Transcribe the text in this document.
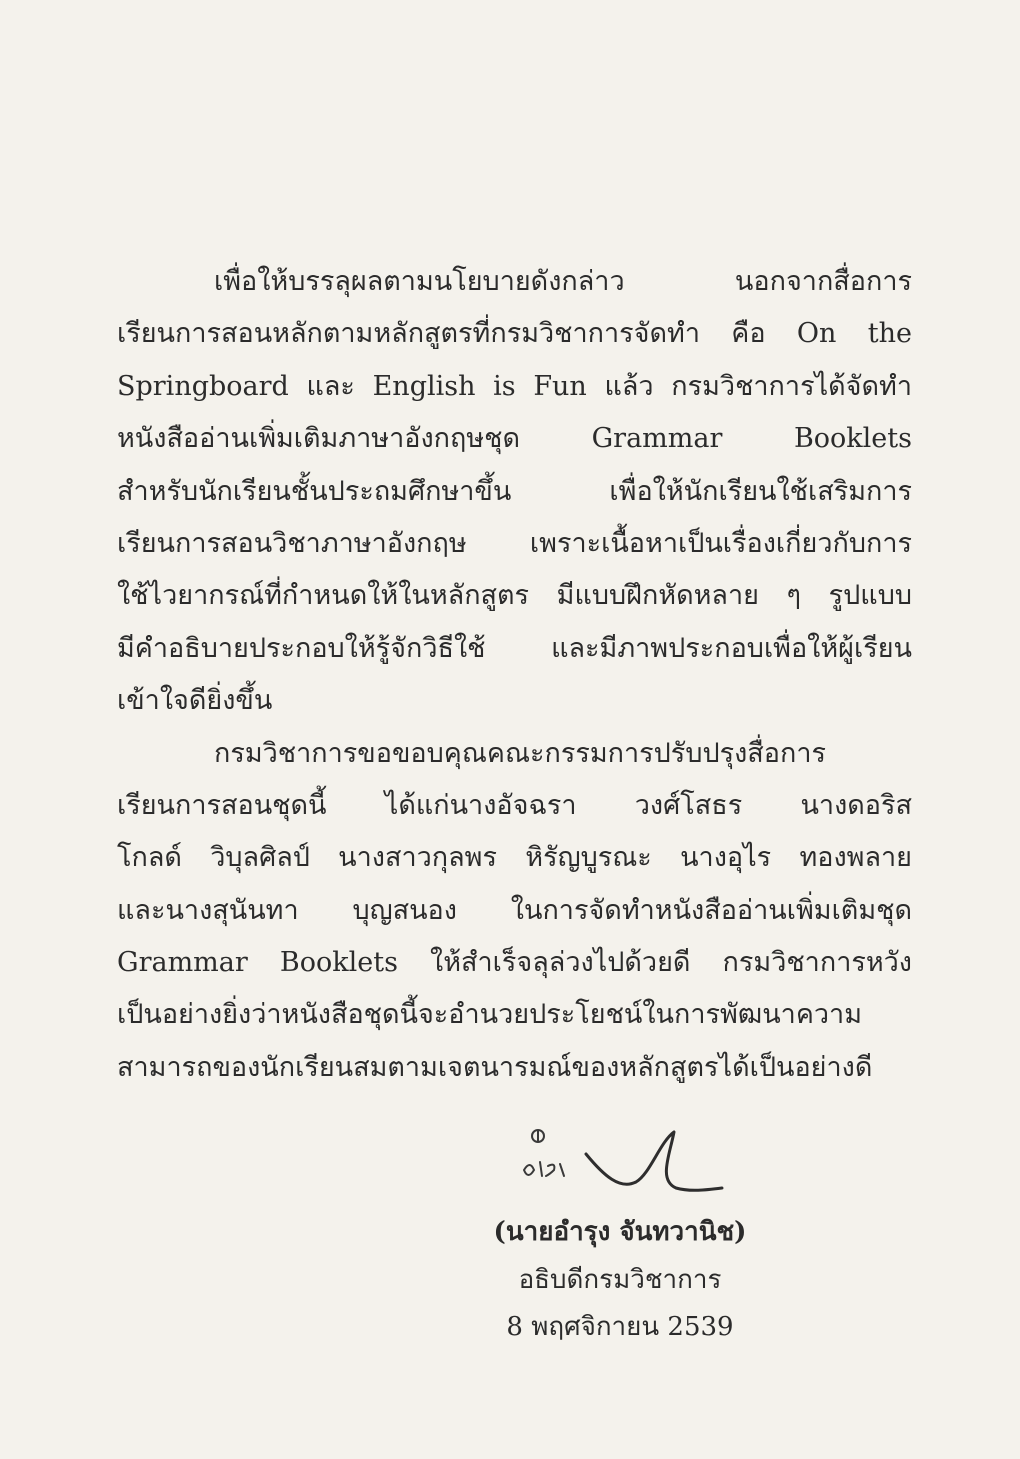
เพื่อให้บรรลุผลตามนโยบายดังกล่าว นอกจากสื่อการ
เรียนการสอนหลักตามหลักสูตรที่กรมวิชาการจัดทำ คือ On the
Springboard และ English is Fun แล้ว กรมวิชาการได้จัดทำ
หนังสืออ่านเพิ่มเติมภาษาอังกฤษชุด Grammar Booklets
สำหรับนักเรียนชั้นประถมศึกษาขึ้น เพื่อให้นักเรียนใช้เสริมการ
เรียนการสอนวิชาภาษาอังกฤษ เพราะเนื้อหาเป็นเรื่องเกี่ยวกับการ
ใช้ไวยากรณ์ที่กำหนดให้ในหลักสูตร มีแบบฝึกหัดหลาย ๆ รูปแบบ
มีคำอธิบายประกอบให้รู้จักวิธีใช้ และมีภาพประกอบเพื่อให้ผู้เรียน
เข้าใจดียิ่งขึ้น
กรมวิชาการขอขอบคุณคณะกรรมการปรับปรุงสื่อการ
เรียนการสอนชุดนี้ ได้แก่นางอัจฉรา วงศ์โสธร นางดอริส
โกลด์ วิบุลศิลป์ นางสาวกุลพร หิรัญบูรณะ นางอุไร ทองพลาย
และนางสุนันทา บุญสนอง ในการจัดทำหนังสืออ่านเพิ่มเติมชุด
Grammar Booklets ให้สำเร็จลุล่วงไปด้วยดี กรมวิชาการหวัง
เป็นอย่างยิ่งว่าหนังสือชุดนี้จะอำนวยประโยชน์ในการพัฒนาความ
สามารถของนักเรียนสมตามเจตนารมณ์ของหลักสูตรได้เป็นอย่างดี
(นายอำรุง จันทวานิช)
อธิบดีกรมวิชาการ
8 พฤศจิกายน 2539
